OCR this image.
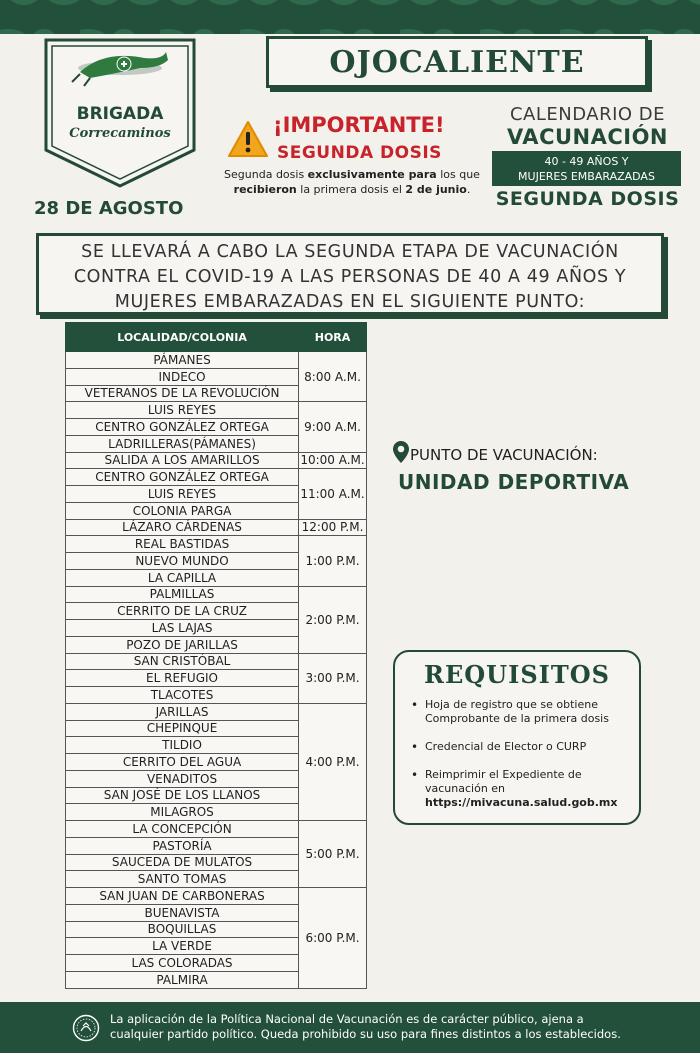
BRIGADA
Correcaminos
28 DE AGOSTO
OJOCALIENTE
¡IMPORTANTE!
SEGUNDA DOSIS
Segunda dosis exclusivamente para los que
recibieron la primera dosis el 2 de junio.
CALENDARIO DE
VACUNACIÓN
40 - 49 AÑOS Y
MUJERES EMBARAZADAS
SEGUNDA DOSIS
SE LLEVARÁ A CABO LA SEGUNDA ETAPA DE VACUNACIÓN
CONTRA EL COVID-19 A LAS PERSONAS DE 40 A 49 AÑOS Y
MUJERES EMBARAZADAS EN EL SIGUIENTE PUNTO:
LOCALIDAD/COLONIA	HORA
PÁMANES	8:00 A.M.
INDECO	
VETERANOS DE LA REVOLUCIÓN	
LUIS REYES	9:00 A.M.
CENTRO GONZÁLEZ ORTEGA	
LADRILLERAS(PÁMANES)	
SALIDA A LOS AMARILLOS	10:00 A.M.
CENTRO GONZÁLEZ ORTEGA	11:00 A.M.
LUIS REYES	
COLONIA PARGA	
LÁZARO CÁRDENAS	12:00 P.M.
REAL BASTIDAS	1:00 P.M.
NUEVO MUNDO	
LA CAPILLA	
PALMILLAS	2:00 P.M.
CERRITO DE LA CRUZ	
LAS LAJAS	
POZO DE JARILLAS	
SAN CRISTÓBAL	3:00 P.M.
EL REFUGIO	
TLACOTES	
JARILLAS	4:00 P.M.
CHEPINQUE	
TILDIO	
CERRITO DEL AGUA	
VENADITOS	
SAN JOSÉ DE LOS LLANOS	
MILAGROS	
LA CONCEPCIÓN	5:00 P.M.
PASTORÍA	
SAUCEDA DE MULATOS	
SANTO TOMAS	
SAN JUAN DE CARBONERAS	6:00 P.M.
BUENAVISTA	
BOQUILLAS	
LA VERDE	
LAS COLORADAS	
PALMIRA	
PUNTO DE VACUNACIÓN:
UNIDAD DEPORTIVA
REQUISITOS
• Hoja de registro que se obtiene Comprobante de la primera dosis
• Credencial de Elector o CURP
• Reimprimir el Expediente de vacunación en
https://mivacuna.salud.gob.mx
La aplicación de la Política Nacional de Vacunación es de carácter público, ajena a
cualquier partido político. Queda prohibido su uso para fines distintos a los establecidos.
